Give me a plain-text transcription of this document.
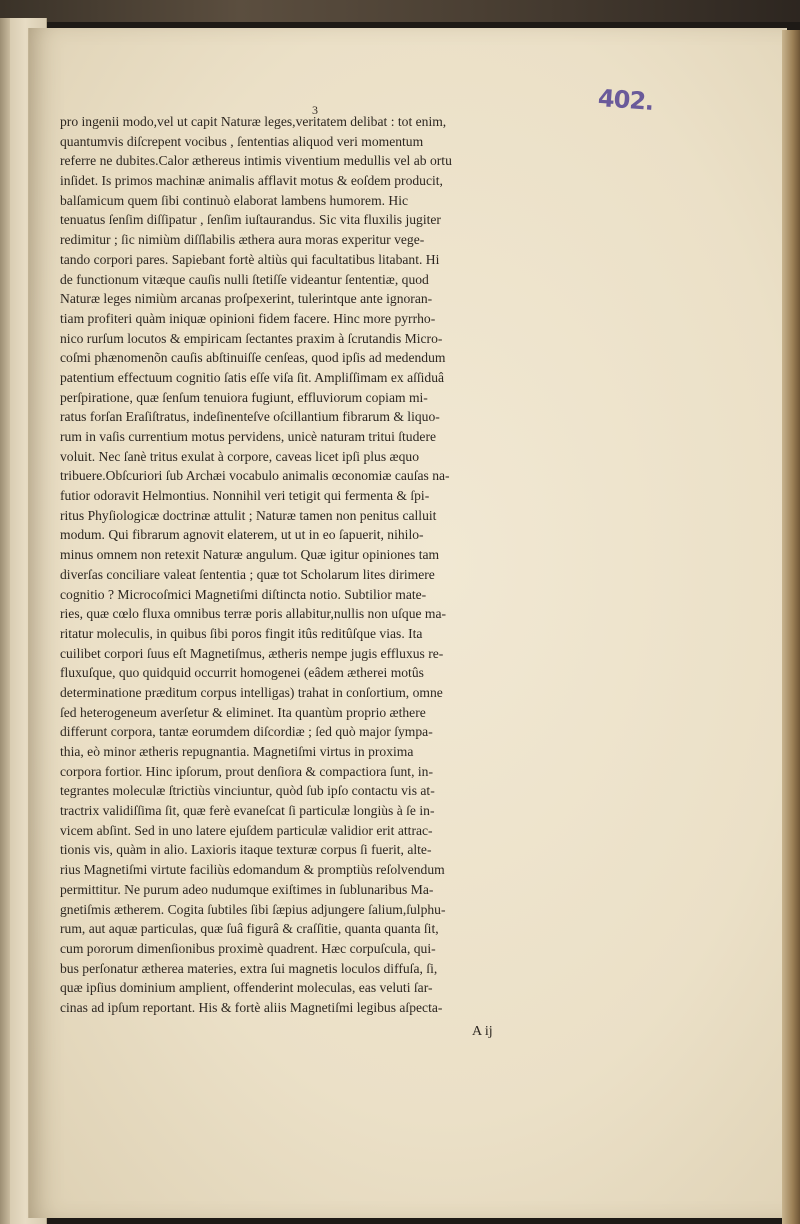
402.
3
pro ingenii modo,vel ut capit Naturæ leges,veritatem delibat : tot enim,
quantumvis diſcrepent vocibus , ſententias aliquod veri momentum
referre ne dubites.Calor æthereus intimis viventium medullis vel ab ortu
inſidet. Is primos machinæ animalis afflavit motus & eoſdem producit,
balſamicum quem ſibi continuò elaborat lambens humorem. Hic
tenuatus ſenſim diſſipatur , ſenſim iuſtaurandus. Sic vita fluxilis jugiter
redimitur ; ſic nimiùm diſſlabilis æthera aura moras experitur vege-
tando corpori pares. Sapiebant fortè altiùs qui facultatibus litabant. Hi
de functionum vitæque cauſis nulli ſtetiſſe videantur ſententiæ, quod
Naturæ leges nimiùm arcanas proſpexerint, tulerintque ante ignoran-
tiam profiteri quàm iniquæ opinioni fidem facere. Hinc more pyrrho-
nico rurſum locutos & empiricam ſectantes praxim à ſcrutandis Micro-
coſmi phænomenõn cauſis abſtinuiſſe cenſeas, quod ipſis ad medendum
patentium effectuum cognitio ſatis eſſe viſa ſit. Ampliſſimam ex aſſiduâ
perſpiratione, quæ ſenſum tenuiora fugiunt, effluviorum copiam mi-
ratus forſan Eraſiſtratus, indeſinenteſve oſcillantium fibrarum & liquo-
rum in vaſis currentium motus pervidens, unicè naturam tritui ſtudere
voluit. Nec ſanè tritus exulat à corpore, caveas licet ipſi plus æquo
tribuere.Obſcuriori ſub Archæi vocabulo animalis œconomiæ cauſas na-
futior odoravit Helmontius. Nonnihil veri tetigit qui fermenta & ſpi-
ritus Phyſiologicæ doctrinæ attulit ; Naturæ tamen non penitus calluit
modum. Qui fibrarum agnovit elaterem, ut ut in eo ſapuerit, nihilo-
minus omnem non retexit Naturæ angulum. Quæ igitur opiniones tam
diverſas conciliare valeat ſententia ; quæ tot Scholarum lites dirimere
cognitio ? Microcoſmici Magnetiſmi diſtincta notio. Subtilior mate-
ries, quæ cœlo fluxa omnibus terræ poris allabitur,nullis non uſque ma-
ritatur moleculis, in quibus ſibi poros fingit itûs reditûſque vias. Ita
cuilibet corpori ſuus eſt Magnetiſmus, ætheris nempe jugis effluxus re-
fluxuſque, quo quidquid occurrit homogenei (eâdem ætherei motûs
determinatione præditum corpus intelligas) trahat in conſortium, omne
ſed heterogeneum averſetur & eliminet. Ita quantùm proprio æthere
differunt corpora, tantæ eorumdem diſcordiæ ; ſed quò major ſympa-
thia, eò minor ætheris repugnantia. Magnetiſmi virtus in proxima
corpora fortior. Hinc ipſorum, prout denſiora & compactiora ſunt, in-
tegrantes moleculæ ſtrictiùs vinciuntur, quòd ſub ipſo contactu vis at-
tractrix validiſſima ſit, quæ ferè evaneſcat ſi particulæ longiùs à ſe in-
vicem abſint. Sed in uno latere ejuſdem particulæ validior erit attrac-
tionis vis, quàm in alio. Laxioris itaque texturæ corpus ſi fuerit, alte-
rius Magnetiſmi virtute faciliùs edomandum & promptiùs reſolvendum
permittitur. Ne purum adeo nudumque exiſtimes in ſublunaribus Ma-
gnetiſmis ætherem. Cogita ſubtiles ſibi ſæpius adjungere ſalium,ſulphu-
rum, aut aquæ particulas, quæ ſuâ figurâ & craſſitie, quanta quanta ſit,
cum pororum dimenſionibus proximè quadrent. Hæc corpuſcula, qui-
bus perſonatur ætherea materies, extra ſui magnetis loculos diffuſa, ſi,
quæ ipſius dominium amplient, offenderint moleculas, eas veluti ſar-
cinas ad ipſum reportant. His & fortè aliis Magnetiſmi legibus aſpecta-
A ij
